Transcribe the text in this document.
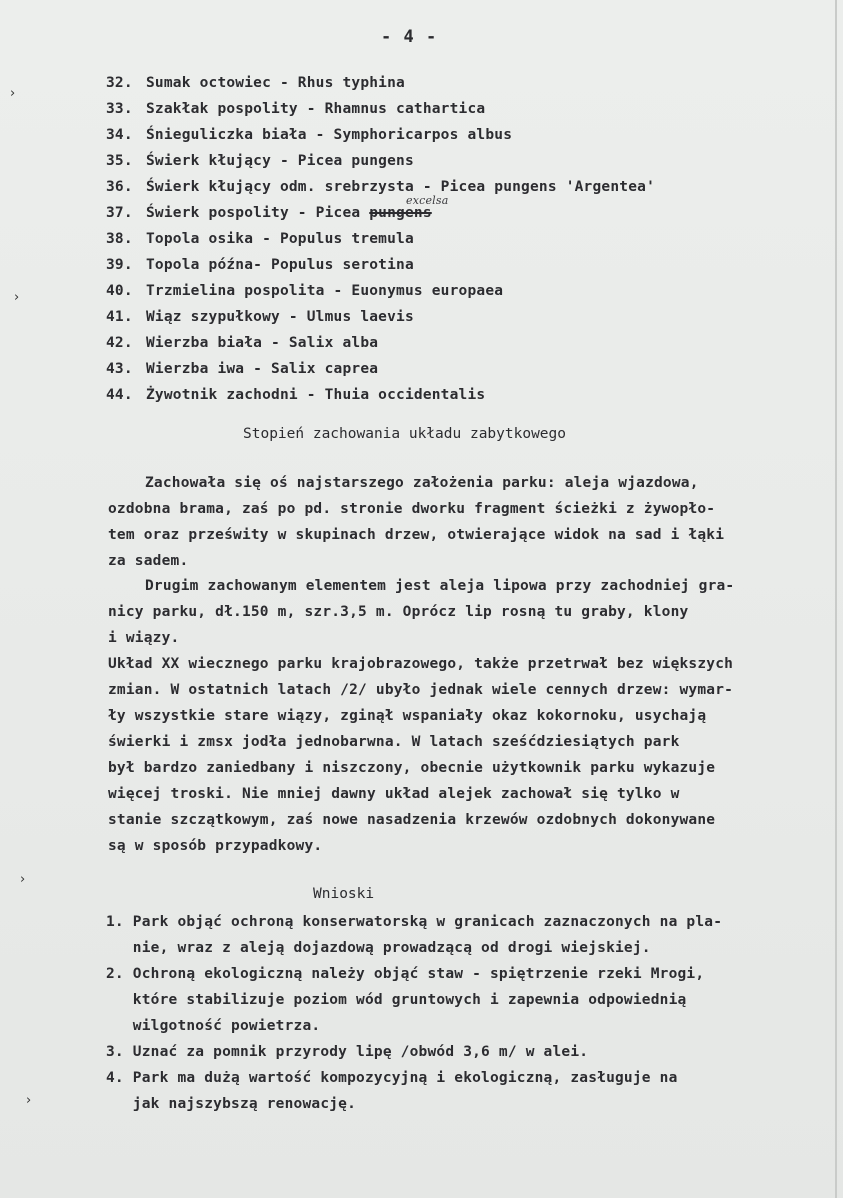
›
›
›
›
- 4 -
32. Sumak octowiec - Rhus typhina
33. Szakłak pospolity - Rhamnus cathartica
34. Śnieguliczka biała - Symphoricarpos albus
35. Świerk kłujący - Picea pungens
36. Świerk kłujący odm. srebrzysta - Picea pungens 'Argentea'
37. Świerk pospolity - Picea pungens
excelsa
38. Topola osika - Populus tremula
39. Topola późna- Populus serotina
40. Trzmielina pospolita - Euonymus europaea
41. Wiąz szypułkowy - Ulmus laevis
42. Wierzba biała - Salix alba
43. Wierzba iwa - Salix caprea
44. Żywotnik zachodni - Thuia occidentalis
Stopień zachowania układu zabytkowego
Zachowała się oś najstarszego założenia parku: aleja wjazdowa,
ozdobna brama, zaś po pd. stronie dworku fragment ścieżki z żywopło-
tem oraz prześwity w skupinach drzew, otwierające widok na sad i łąki
za sadem.
Drugim zachowanym elementem jest aleja lipowa przy zachodniej gra-
nicy parku, dł.150 m, szr.3,5 m. Oprócz lip rosną tu graby, klony
i wiązy.
Układ XX wiecznego parku krajobrazowego, także przetrwał bez większych
zmian. W ostatnich latach /2/ ubyło jednak wiele cennych drzew: wymar-
ły wszystkie stare wiązy, zginął wspaniały okaz kokornoku, usychają
świerki i zmsx jodła jednobarwna. W latach sześćdziesiątych park
był bardzo zaniedbany i niszczony, obecnie użytkownik parku wykazuje
więcej troski. Nie mniej dawny układ alejek zachował się tylko w
stanie szczątkowym, zaś nowe nasadzenia krzewów ozdobnych dokonywane
są w sposób przypadkowy.
Wnioski
1. Park objąć ochroną konserwatorską w granicach zaznaczonych na pla-
nie, wraz z aleją dojazdową prowadzącą od drogi wiejskiej.
2. Ochroną ekologiczną należy objąć staw - spiętrzenie rzeki Mrogi,
które stabilizuje poziom wód gruntowych i zapewnia odpowiednią
wilgotność powietrza.
3. Uznać za pomnik przyrody lipę /obwód 3,6 m/ w alei.
4. Park ma dużą wartość kompozycyjną i ekologiczną, zasługuje na
jak najszybszą renowację.
